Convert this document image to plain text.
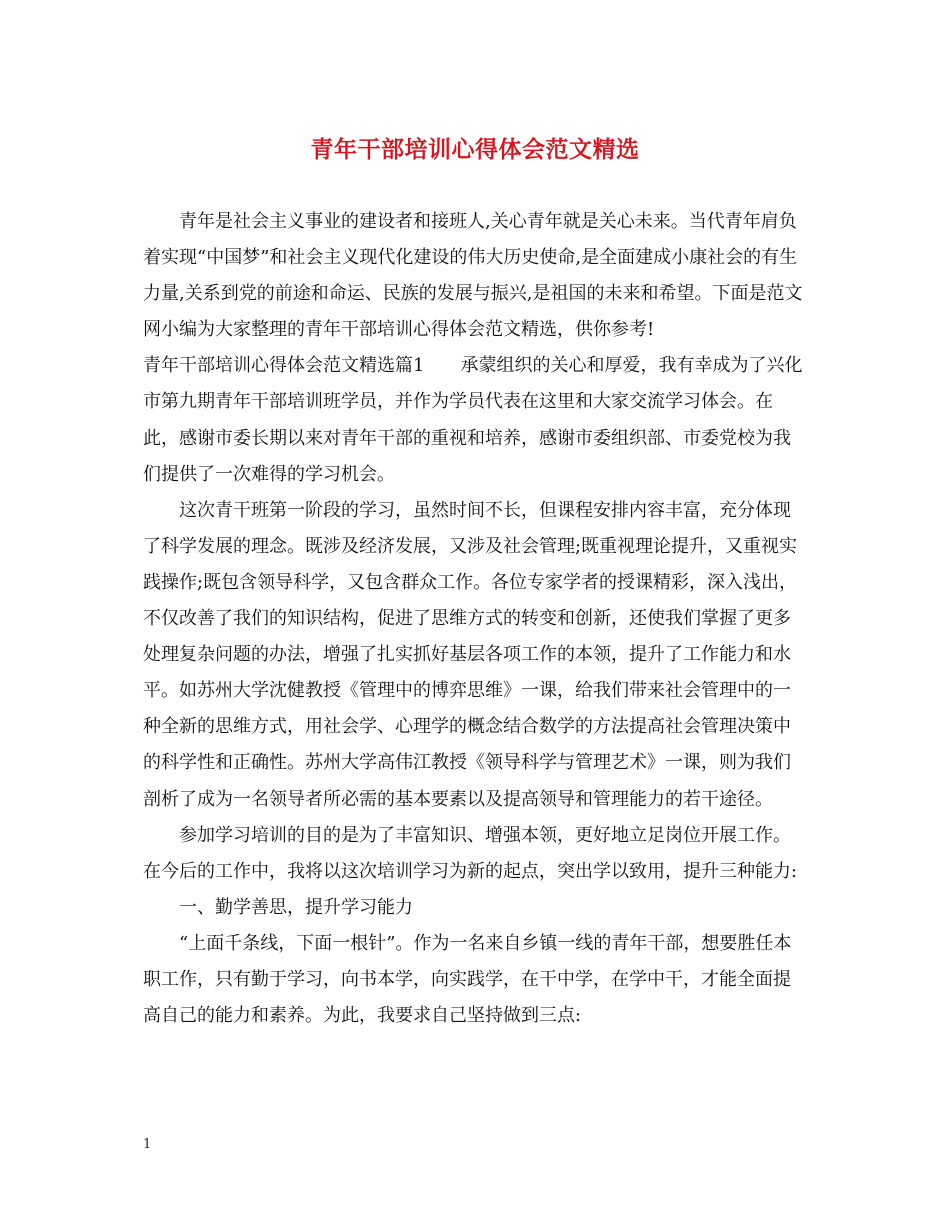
青年干部培训心得体会范文精选

青年是社会主义事业的建设者和接班人,关心青年就是关心未来。当代青年肩负着实现“中国梦”和社会主义现代化建设的伟大历史使命,是全面建成小康社会的有生力量,关系到党的前途和命运、民族的发展与振兴,是祖国的未来和希望。下面是范文网小编为大家整理的青年干部培训心得体会范文精选，供你参考!

青年干部培训心得体会范文精选篇1 承蒙组织的关心和厚爱，我有幸成为了兴化市第九期青年干部培训班学员，并作为学员代表在这里和大家交流学习体会。在此，感谢市委长期以来对青年干部的重视和培养，感谢市委组织部、市委党校为我们提供了一次难得的学习机会。

这次青干班第一阶段的学习，虽然时间不长，但课程安排内容丰富，充分体现了科学发展的理念。既涉及经济发展，又涉及社会管理;既重视理论提升，又重视实践操作;既包含领导科学，又包含群众工作。各位专家学者的授课精彩，深入浅出，不仅改善了我们的知识结构，促进了思维方式的转变和创新，还使我们掌握了更多处理复杂问题的办法，增强了扎实抓好基层各项工作的本领，提升了工作能力和水平。如苏州大学沈健教授《管理中的博弈思维》一课，给我们带来社会管理中的一种全新的思维方式，用社会学、心理学的概念结合数学的方法提高社会管理决策中的科学性和正确性。苏州大学高伟江教授《领导科学与管理艺术》一课，则为我们剖析了成为一名领导者所必需的基本要素以及提高领导和管理能力的若干途径。

参加学习培训的目的是为了丰富知识、增强本领，更好地立足岗位开展工作。在今后的工作中，我将以这次培训学习为新的起点，突出学以致用，提升三种能力:

一、勤学善思，提升学习能力

“上面千条线，下面一根针”。作为一名来自乡镇一线的青年干部，想要胜任本职工作，只有勤于学习，向书本学，向实践学，在干中学，在学中干，才能全面提高自己的能力和素养。为此，我要求自己坚持做到三点:

1
